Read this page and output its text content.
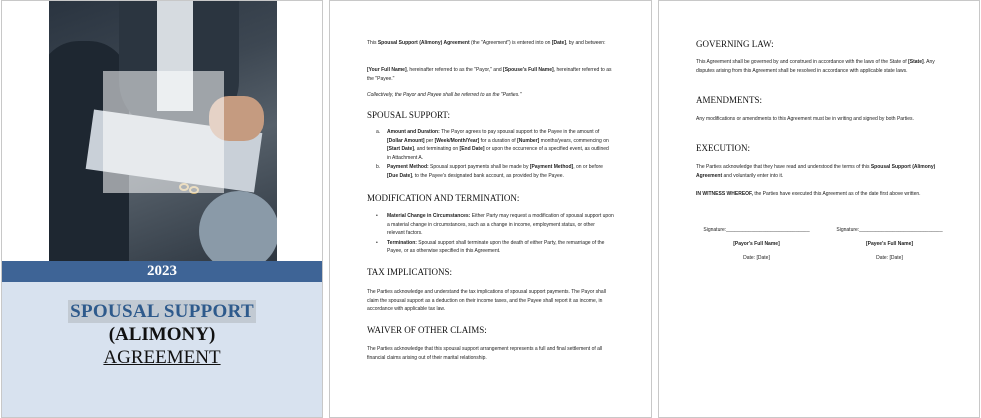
2023
SPOUSAL SUPPORT
(ALIMONY)
AGREEMENT

This Spousal Support (Alimony) Agreement (the "Agreement") is entered into on [Date], by and between:

[Your Full Name], hereinafter referred to as the "Payor," and [Spouse's Full Name], hereinafter referred to as the "Payee."

Collectively, the Payor and Payee shall be referred to as the "Parties."

SPOUSAL SUPPORT:
a. Amount and Duration: The Payor agrees to pay spousal support to the Payee in the amount of [Dollar Amount] per [Week/Month/Year] for a duration of [Number] months/years, commencing on [Start Date], and terminating on [End Date] or upon the occurrence of a specified event, as outlined in Attachment A.
b. Payment Method: Spousal support payments shall be made by [Payment Method], on or before [Due Date], to the Payee's designated bank account, as provided by the Payee.
MODIFICATION AND TERMINATION:
• Material Change in Circumstances: Either Party may request a modification of spousal support upon a material change in circumstances, such as a change in income, employment status, or other relevant factors.
• Termination: Spousal support shall terminate upon the death of either Party, the remarriage of the Payee, or as otherwise specified in this Agreement.
TAX IMPLICATIONS:
The Parties acknowledge and understand the tax implications of spousal support payments. The Payor shall claim the spousal support as a deduction on their income taxes, and the Payee shall report it as income, in accordance with applicable tax law.
WAIVER OF OTHER CLAIMS:
The Parties acknowledge that this spousal support arrangement represents a full and final settlement of all financial claims arising out of their marital relationship.
GOVERNING LAW:

This Agreement shall be governed by and construed in accordance with the laws of the State of [State]. Any disputes arising from this Agreement shall be resolved in accordance with applicable state laws.

AMENDMENTS:
Any modifications or amendments to this Agreement must be in writing and signed by both Parties.
EXECUTION:

The Parties acknowledge that they have read and understood the terms of this Spousal Support (Alimony) Agreement and voluntarily enter into it.

IN WITNESS WHEREOF, the Parties have executed this Agreement as of the date first above written.

Signature:______________________________
[Payor's Full Name]
Date: [Date]
Signature:______________________________
[Payee's Full Name]
Date: [Date]
